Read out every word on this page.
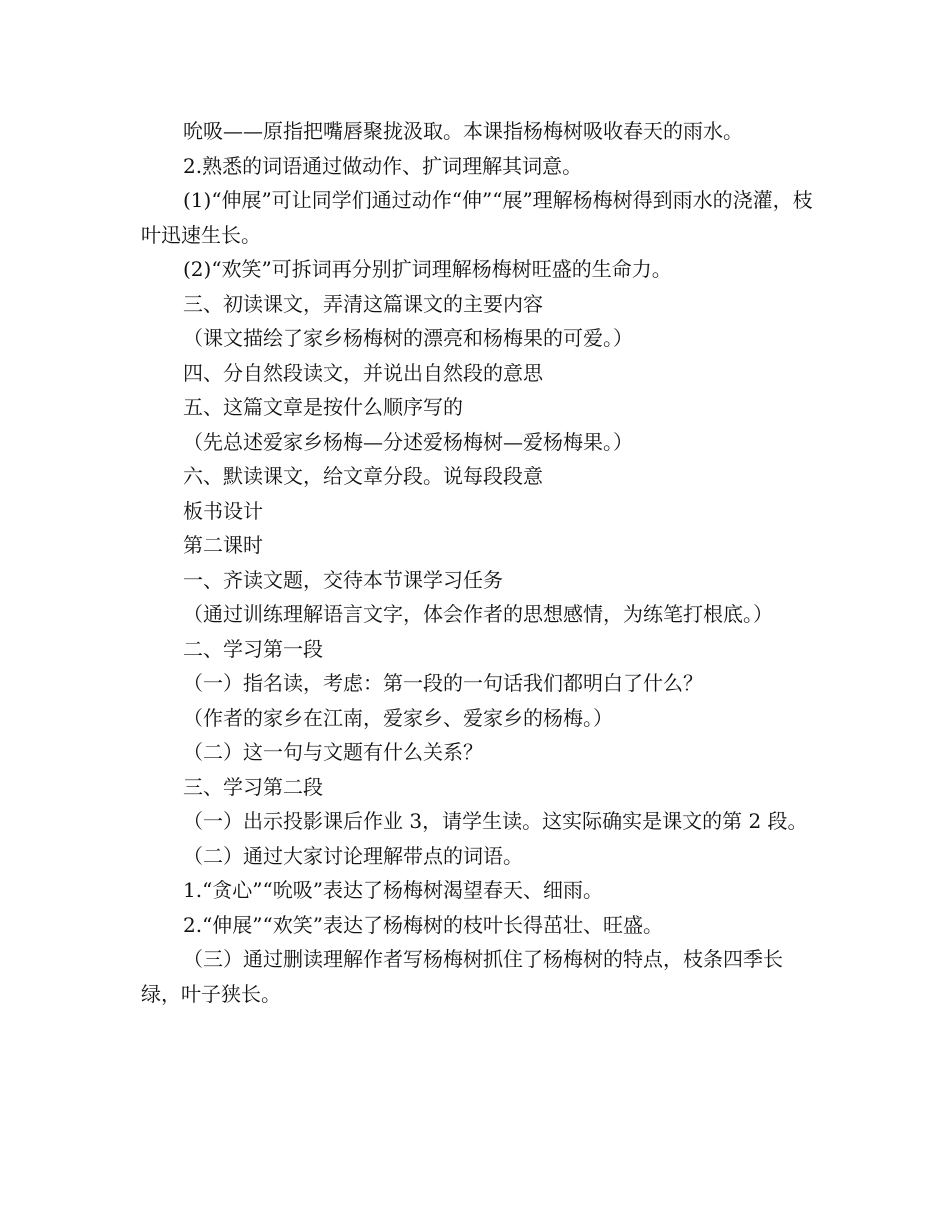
吮吸——原指把嘴唇聚拢汲取。本课指杨梅树吸收春天的雨水。

2.熟悉的词语通过做动作、扩词理解其词意。

(1)“伸展”可让同学们通过动作“伸”“展”理解杨梅树得到雨水的浇灌，枝叶迅速生长。

(2)“欢笑”可拆词再分别扩词理解杨梅树旺盛的生命力。

三、初读课文，弄清这篇课文的主要内容

（课文描绘了家乡杨梅树的漂亮和杨梅果的可爱。）

四、分自然段读文，并说出自然段的意思

五、这篇文章是按什么顺序写的

（先总述爱家乡杨梅—分述爱杨梅树—爱杨梅果。）

六、默读课文，给文章分段。说每段段意

板书设计

第二课时

一、齐读文题，交待本节课学习任务

（通过训练理解语言文字，体会作者的思想感情，为练笔打根底。）

二、学习第一段

（一）指名读，考虑：第一段的一句话我们都明白了什么？

（作者的家乡在江南，爱家乡、爱家乡的杨梅。）

（二）这一句与文题有什么关系？

三、学习第二段

（一）出示投影课后作业 3，请学生读。这实际确实是课文的第 2 段。

（二）通过大家讨论理解带点的词语。

1.“贪心”“吮吸”表达了杨梅树渴望春天、细雨。

2.“伸展”“欢笑”表达了杨梅树的枝叶长得茁壮、旺盛。

（三）通过删读理解作者写杨梅树抓住了杨梅树的特点，枝条四季长绿，叶子狭长。
